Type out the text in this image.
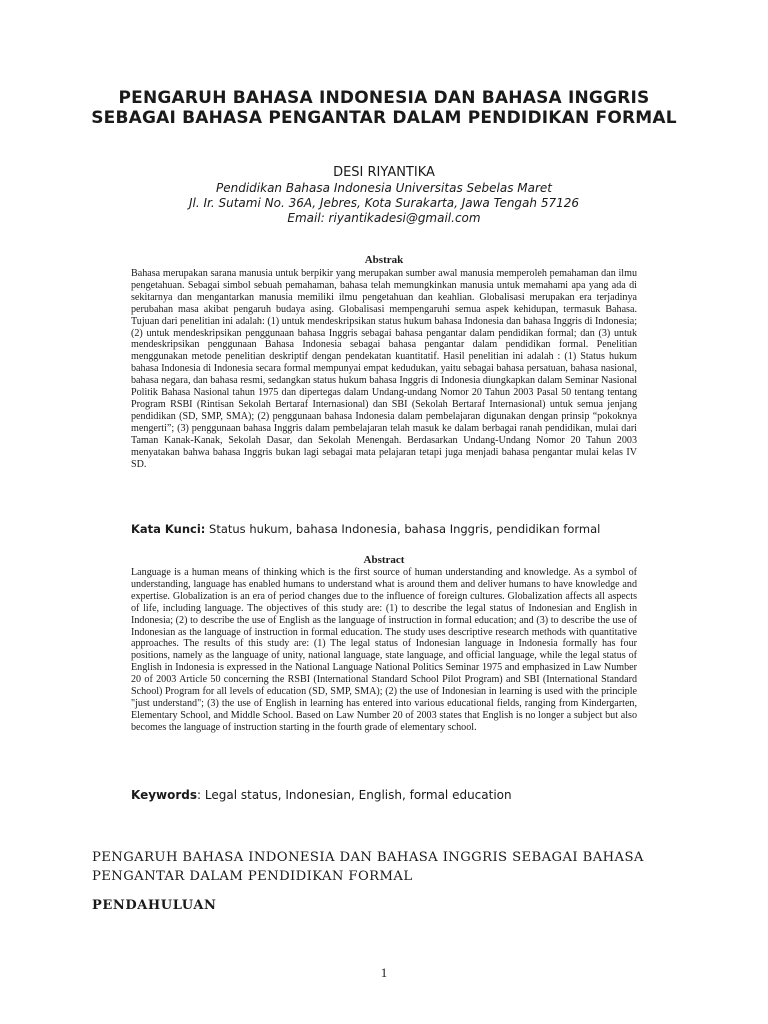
PENGARUH BAHASA INDONESIA DAN BAHASA INGGRIS SEBAGAI BAHASA PENGANTAR DALAM PENDIDIKAN FORMAL
DESI RIYANTIKA
Pendidikan Bahasa Indonesia Universitas Sebelas Maret
Jl. Ir. Sutami No. 36A, Jebres, Kota Surakarta, Jawa Tengah 57126
Email: riyantikadesi@gmail.com
Abstrak
Bahasa merupakan sarana manusia untuk berpikir yang merupakan sumber awal manusia memperoleh pemahaman dan ilmu pengetahuan. Sebagai simbol sebuah pemahaman, bahasa telah memungkinkan manusia untuk memahami apa yang ada di sekitarnya dan mengantarkan manusia memiliki ilmu pengetahuan dan keahlian. Globalisasi merupakan era terjadinya perubahan masa akibat pengaruh budaya asing. Globalisasi mempengaruhi semua aspek kehidupan, termasuk Bahasa. Tujuan dari penelitian ini adalah: (1) untuk mendeskripsikan status hukum bahasa Indonesia dan bahasa Inggris di Indonesia; (2) untuk mendeskripsikan penggunaan bahasa Inggris sebagai bahasa pengantar dalam pendidikan formal; dan (3) untuk mendeskripsikan penggunaan Bahasa Indonesia sebagai bahasa pengantar dalam pendidikan formal. Penelitian menggunakan metode penelitian deskriptif dengan pendekatan kuantitatif. Hasil penelitian ini adalah : (1) Status hukum bahasa Indonesia di Indonesia secara formal mempunyai empat kedudukan, yaitu sebagai bahasa persatuan, bahasa nasional, bahasa negara, dan bahasa resmi, sedangkan status hukum bahasa Inggris di Indonesia diungkapkan dalam Seminar Nasional Politik Bahasa Nasional tahun 1975 dan dipertegas dalam Undang-undang Nomor 20 Tahun 2003 Pasal 50 tentang tentang Program RSBI (Rintisan Sekolah Bertaraf Internasional) dan SBI (Sekolah Bertaraf Internasional) untuk semua jenjang pendidikan (SD, SMP, SMA); (2) penggunaan bahasa Indonesia dalam pembelajaran digunakan dengan prinsip “pokoknya mengerti”; (3) penggunaan bahasa Inggris dalam pembelajaran telah masuk ke dalam berbagai ranah pendidikan, mulai dari Taman Kanak-Kanak, Sekolah Dasar, dan Sekolah Menengah. Berdasarkan Undang-Undang Nomor 20 Tahun 2003 menyatakan bahwa bahasa Inggris bukan lagi sebagai mata pelajaran tetapi juga menjadi bahasa pengantar mulai kelas IV SD.
Kata Kunci: Status hukum, bahasa Indonesia, bahasa Inggris, pendidikan formal
Abstract
Language is a human means of thinking which is the first source of human understanding and knowledge. As a symbol of understanding, language has enabled humans to understand what is around them and deliver humans to have knowledge and expertise. Globalization is an era of period changes due to the influence of foreign cultures. Globalization affects all aspects of life, including language. The objectives of this study are: (1) to describe the legal status of Indonesian and English in Indonesia; (2) to describe the use of English as the language of instruction in formal education; and (3) to describe the use of Indonesian as the language of instruction in formal education. The study uses descriptive research methods with quantitative approaches. The results of this study are: (1) The legal status of Indonesian language in Indonesia formally has four positions, namely as the language of unity, national language, state language, and official language, while the legal status of English in Indonesia is expressed in the National Language National Politics Seminar 1975 and emphasized in Law Number 20 of 2003 Article 50 concerning the RSBI (International Standard School Pilot Program) and SBI (International Standard School) Program for all levels of education (SD, SMP, SMA); (2) the use of Indonesian in learning is used with the principle "just understand"; (3) the use of English in learning has entered into various educational fields, ranging from Kindergarten, Elementary School, and Middle School. Based on Law Number 20 of 2003 states that English is no longer a subject but also becomes the language of instruction starting in the fourth grade of elementary school.
Keywords: Legal status, Indonesian, English, formal education
PENGARUH BAHASA INDONESIA DAN BAHASA INGGRIS SEBAGAI BAHASA PENGANTAR DALAM PENDIDIKAN FORMAL
PENDAHULUAN
1
